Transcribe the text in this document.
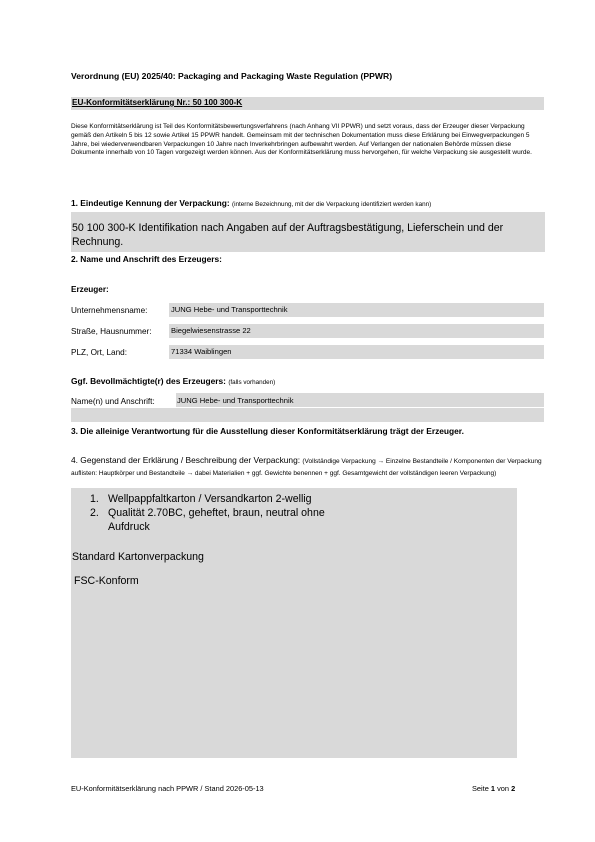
Verordnung (EU) 2025/40: Packaging and Packaging Waste Regulation (PPWR)
EU-Konformitätserklärung Nr.: 50 100 300-K
Diese Konformitätserklärung ist Teil des Konformitätsbewertungsverfahrens (nach Anhang VII PPWR) und setzt voraus, dass der Erzeuger dieser Verpackung gemäß den Artikeln 5 bis 12 sowie Artikel 15 PPWR handelt. Gemeinsam mit der technischen Dokumentation muss diese Erklärung bei Einwegverpackungen 5 Jahre, bei wiederverwendbaren Verpackungen 10 Jahre nach Inverkehrbringen aufbewahrt werden. Auf Verlangen der nationalen Behörde müssen diese Dokumente innerhalb von 10 Tagen vorgezeigt werden können. Aus der Konformitätserklärung muss hervorgehen, für welche Verpackung sie ausgestellt wurde.
1. Eindeutige Kennung der Verpackung: (interne Bezeichnung, mit der die Verpackung identifiziert werden kann)
50 100 300-K Identifikation nach Angaben auf der Auftragsbestätigung, Lieferschein und der Rechnung.
2. Name und Anschrift des Erzeugers:
Erzeuger:
Unternehmensname:	JUNG Hebe- und Transporttechnik
Straße, Hausnummer:	Biegelwiesenstrasse 22
PLZ, Ort, Land:	71334 Waiblingen
Ggf. Bevollmächtigte(r) des Erzeugers: (falls vorhanden)
Name(n) und Anschrift:	JUNG Hebe- und Transporttechnik
3. Die alleinige Verantwortung für die Ausstellung dieser Konformitätserklärung trägt der Erzeuger.
4. Gegenstand der Erklärung / Beschreibung der Verpackung: (Vollständige Verpackung → Einzelne Bestandteile / Komponenten der Verpackung auflisten: Hauptkörper und Bestandteile → dabei Materialien + ggf. Gewichte benennen + ggf. Gesamtgewicht der vollständigen leeren Verpackung)
1. Wellpappfaltkarton / Versandkarton 2-wellig
2. Qualität 2.70BC, geheftet, braun, neutral ohne
Aufdruck
Standard Kartonverpackung
FSC-Konform
EU-Konformitätserklärung nach PPWR / Stand 2026-05-13	Seite 1 von 2
